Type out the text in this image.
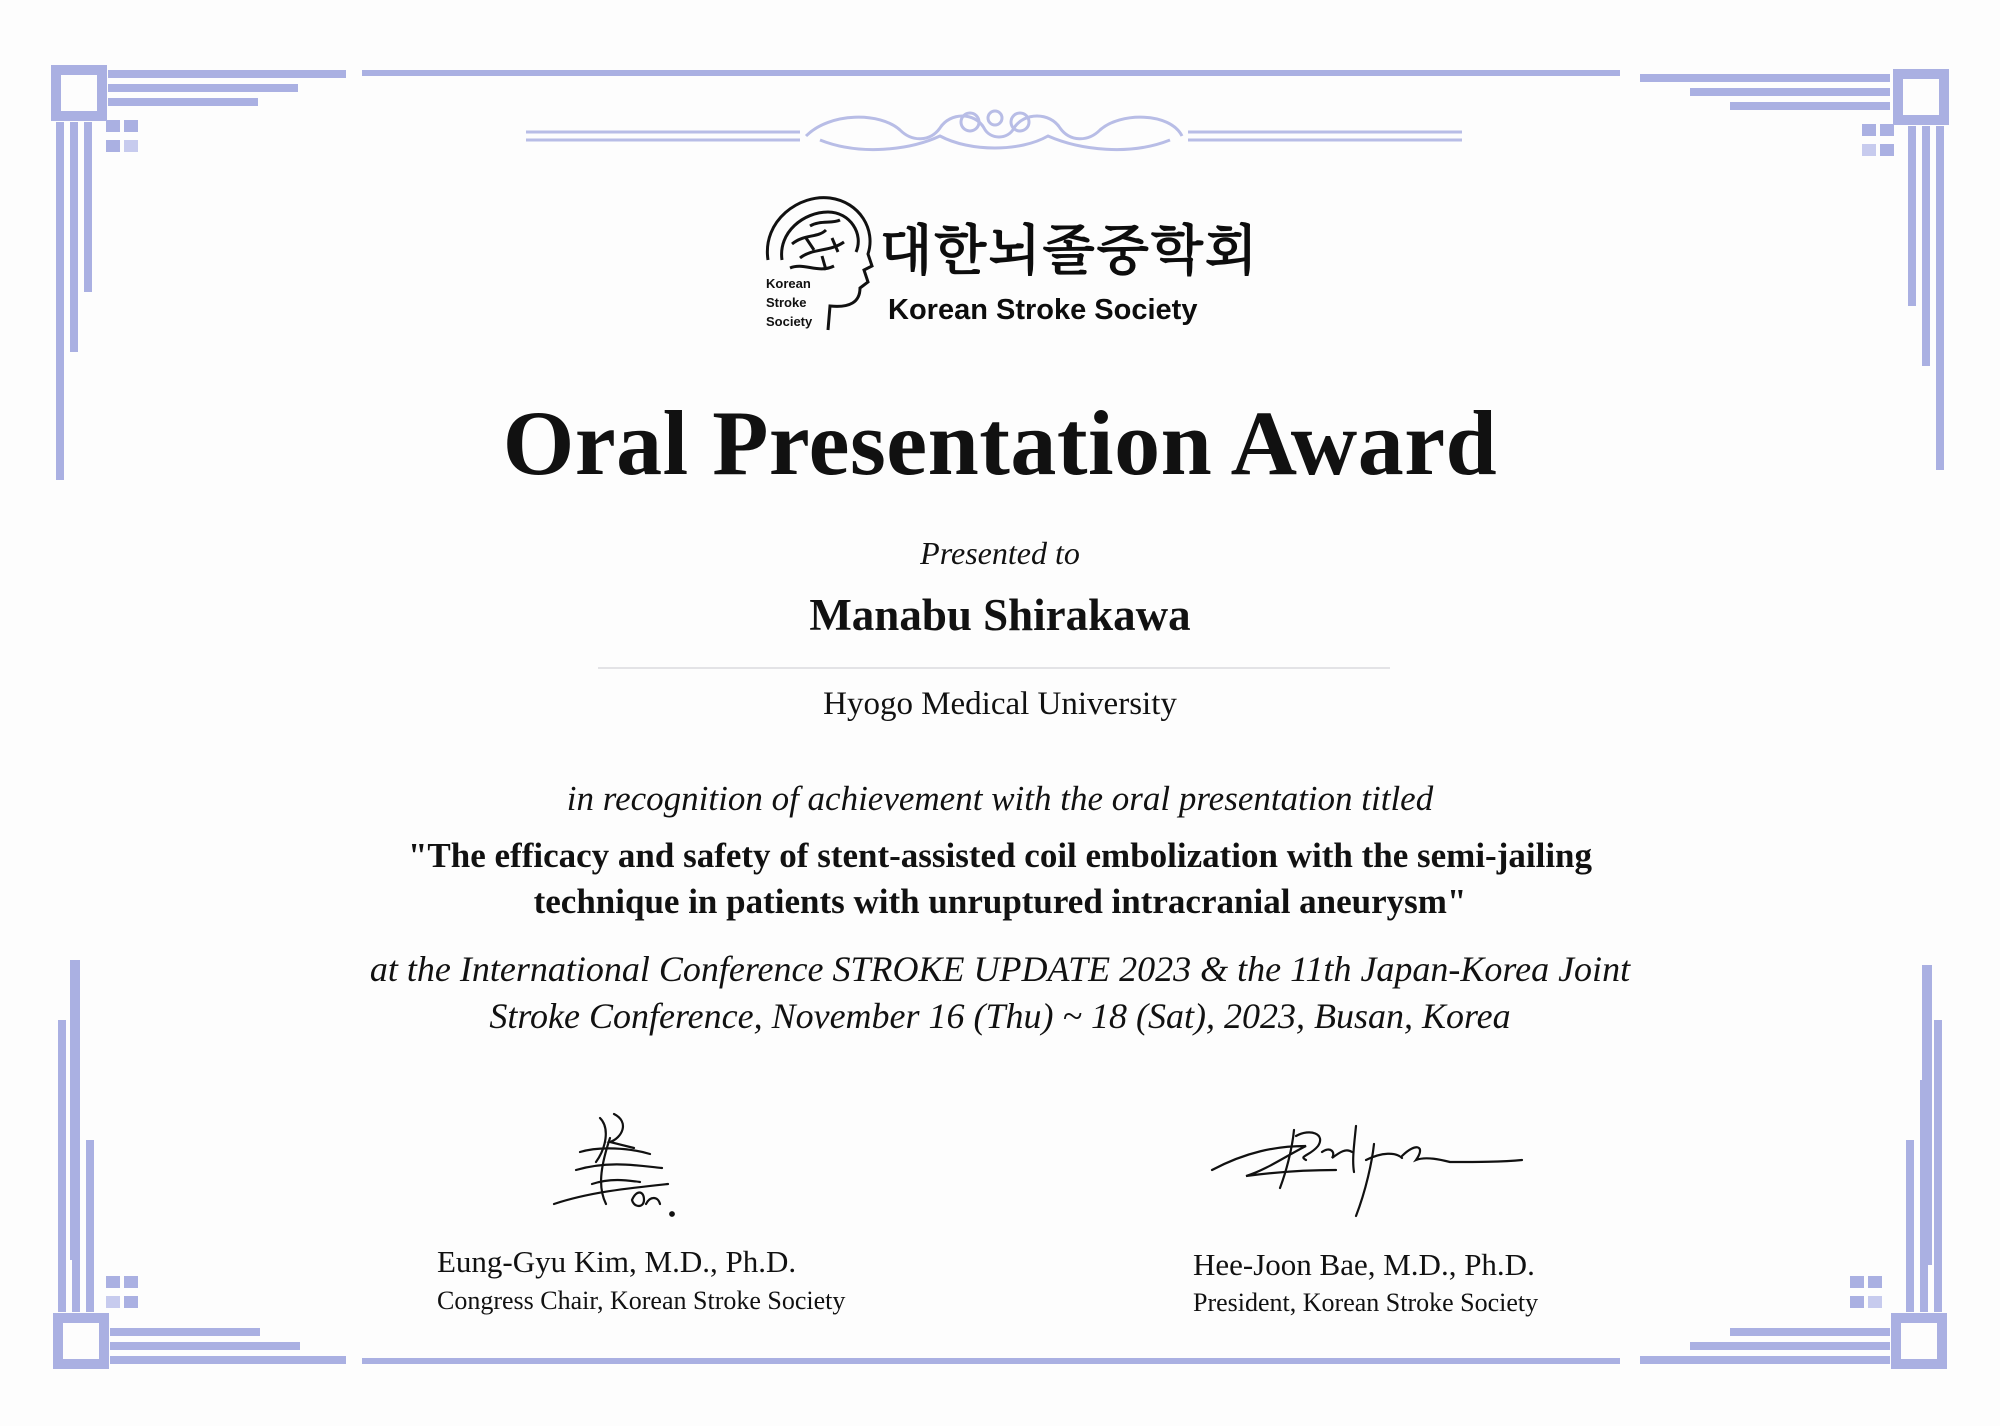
Korean
Stroke
Society
대한뇌졸중학회
Korean Stroke Society
Oral Presentation Award
Presented to
Manabu Shirakawa
Hyogo Medical University
in recognition of achievement with the oral presentation titled
"The efficacy and safety of stent-assisted coil embolization with the semi-jailing
technique in patients with unruptured intracranial aneurysm"
at the International Conference STROKE UPDATE 2023 & the 11th Japan-Korea Joint
Stroke Conference, November 16 (Thu) ~ 18 (Sat), 2023, Busan, Korea
Eung-Gyu Kim, M.D., Ph.D.
Congress Chair, Korean Stroke Society
Hee-Joon Bae, M.D., Ph.D.
President, Korean Stroke Society
